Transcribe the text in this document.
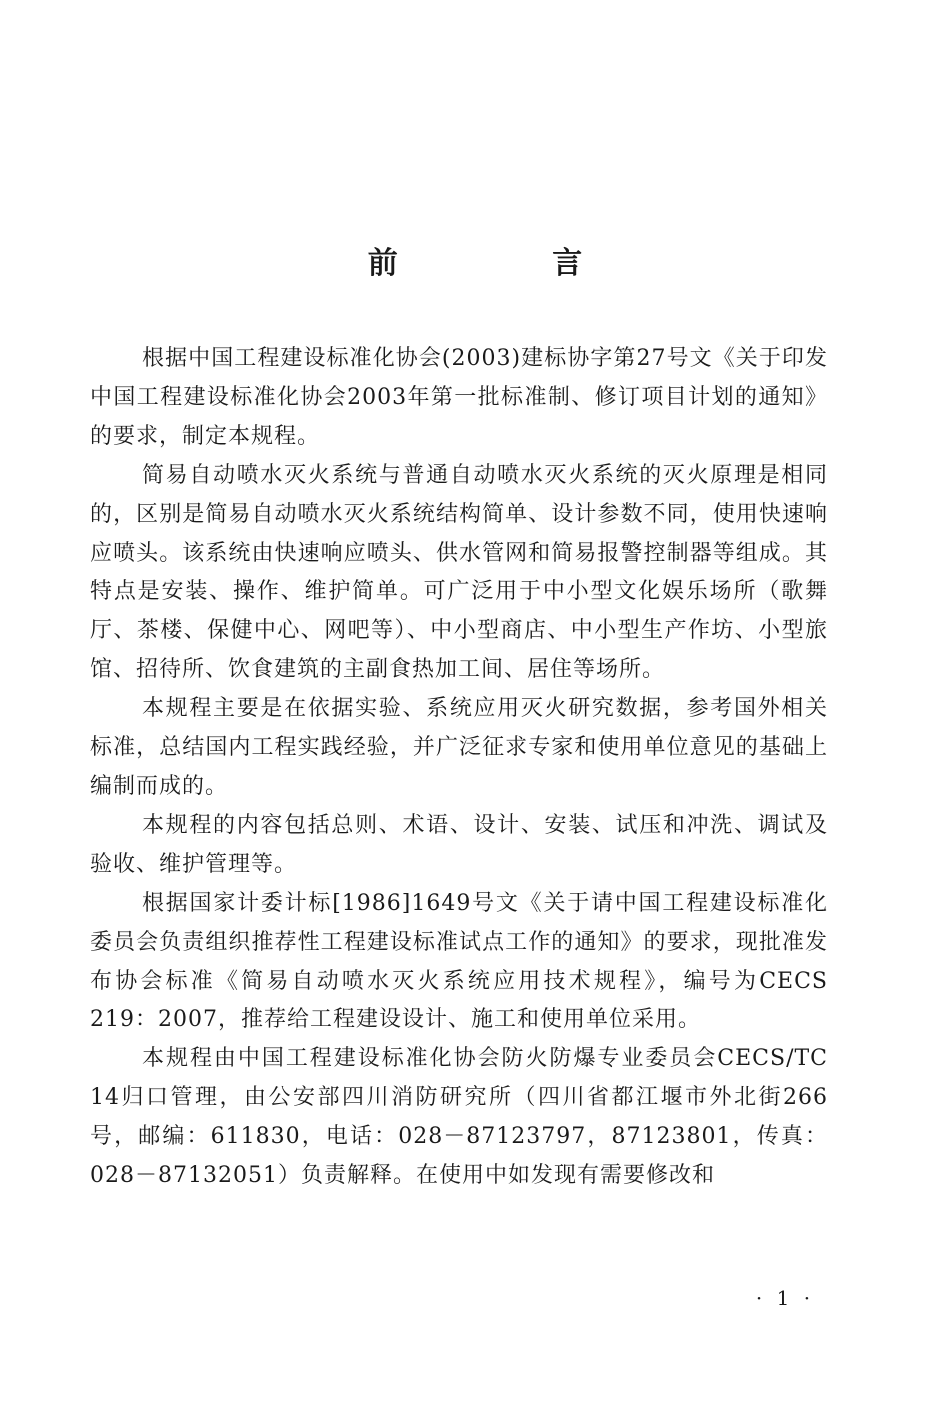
前 言

根据中国工程建设标准化协会(2003)建标协字第27号文《关于印发中国工程建设标准化协会2003年第一批标准制、修订项目计划的通知》的要求，制定本规程。

简易自动喷水灭火系统与普通自动喷水灭火系统的灭火原理是相同的，区别是简易自动喷水灭火系统结构简单、设计参数不同，使用快速响应喷头。该系统由快速响应喷头、供水管网和简易报警控制器等组成。其特点是安装、操作、维护简单。可广泛用于中小型文化娱乐场所（歌舞厅、茶楼、保健中心、网吧等）、中小型商店、中小型生产作坊、小型旅馆、招待所、饮食建筑的主副食热加工间、居住等场所。

本规程主要是在依据实验、系统应用灭火研究数据，参考国外相关标准，总结国内工程实践经验，并广泛征求专家和使用单位意见的基础上编制而成的。

本规程的内容包括总则、术语、设计、安装、试压和冲洗、调试及验收、维护管理等。

根据国家计委计标[1986]1649号文《关于请中国工程建设标准化委员会负责组织推荐性工程建设标准试点工作的通知》的要求，现批准发布协会标准《简易自动喷水灭火系统应用技术规程》，编号为CECS 219：2007，推荐给工程建设设计、施工和使用单位采用。

本规程由中国工程建设标准化协会防火防爆专业委员会CECS/TC 14归口管理，由公安部四川消防研究所（四川省都江堰市外北街266号，邮编：611830，电话：028－87123797，87123801，传真：028－87132051）负责解释。在使用中如发现有需要修改和

· 1 ·
